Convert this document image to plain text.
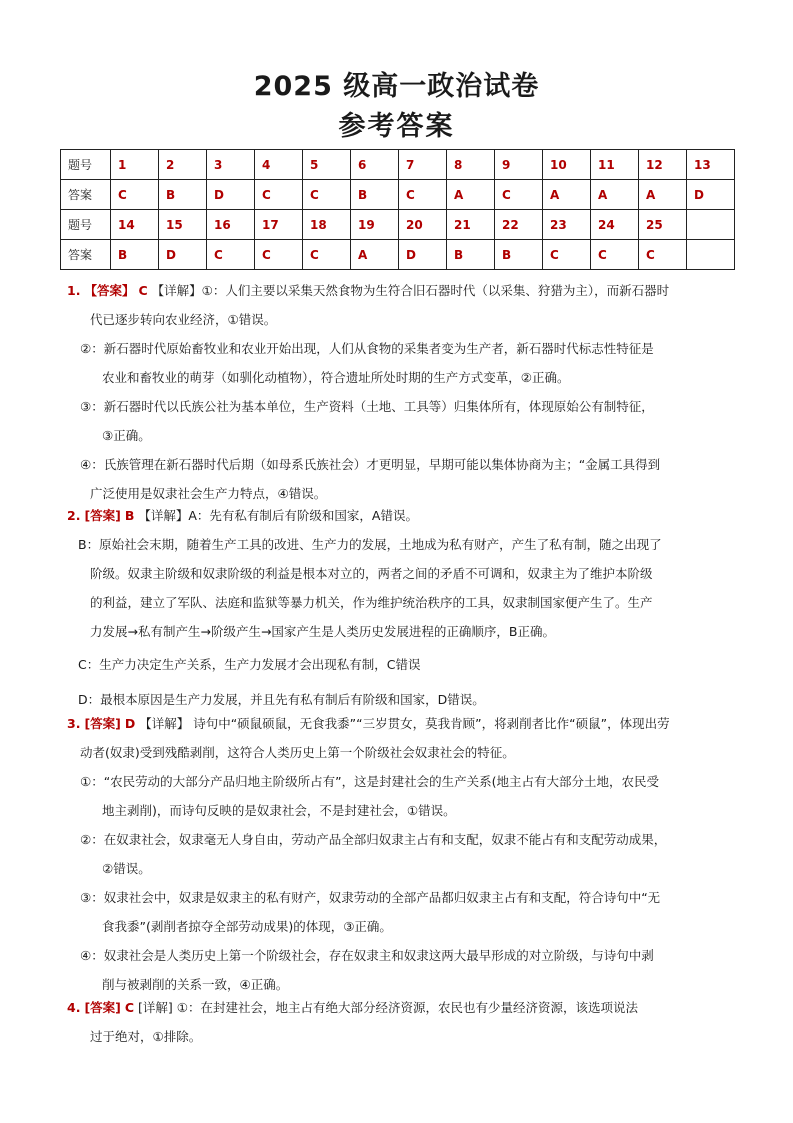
2025 级高一政治试卷
参考答案
题号	1	2	3	4	5	6	7	8	9	10	11	12	13
答案	C	B	D	C	C	B	C	A	C	A	A	A	D
题号	14	15	16	17	18	19	20	21	22	23	24	25	
答案	B	D	C	C	C	A	D	B	B	C	C	C	
1. 【答案】 C 【详解】①：人们主要以采集天然食物为生符合旧石器时代（以采集、狩猎为主），而新石器时
代已逐步转向农业经济，①错误。
②：新石器时代原始畜牧业和农业开始出现，人们从食物的采集者变为生产者，新石器时代标志性特征是
农业和畜牧业的萌芽（如驯化动植物），符合遗址所处时期的生产方式变革，②正确。
③：新石器时代以氏族公社为基本单位，生产资料（土地、工具等）归集体所有，体现原始公有制特征，
③正确。
④：氏族管理在新石器时代后期（如母系氏族社会）才更明显，早期可能以集体协商为主；“金属工具得到
广泛使用是奴隶社会生产力特点，④错误。
2. [答案] B 【详解】A：先有私有制后有阶级和国家，A错误。
B：原始社会末期，随着生产工具的改进、生产力的发展，土地成为私有财产，产生了私有制，随之出现了
阶级。奴隶主阶级和奴隶阶级的利益是根本对立的，两者之间的矛盾不可调和，奴隶主为了维护本阶级
的利益，建立了军队、法庭和监狱等暴力机关，作为维护统治秩序的工具，奴隶制国家便产生了。生产
力发展→私有制产生→阶级产生→国家产生是人类历史发展进程的正确顺序，B正确。
C：生产力决定生产关系，生产力发展才会出现私有制，C错误
D：最根本原因是生产力发展，并且先有私有制后有阶级和国家，D错误。
3. [答案] D 【详解】 诗句中“硕鼠硕鼠，无食我黍”“三岁贯女，莫我肯顾”，将剥削者比作“硕鼠”，体现出劳
动者(奴隶)受到残酷剥削，这符合人类历史上第一个阶级社会奴隶社会的特征。
①：“农民劳动的大部分产品归地主阶级所占有”，这是封建社会的生产关系(地主占有大部分土地，农民受
地主剥削)，而诗句反映的是奴隶社会，不是封建社会，①错误。
②：在奴隶社会，奴隶毫无人身自由，劳动产品全部归奴隶主占有和支配，奴隶不能占有和支配劳动成果，
②错误。
③：奴隶社会中，奴隶是奴隶主的私有财产，奴隶劳动的全部产品都归奴隶主占有和支配，符合诗句中“无
食我黍”(剥削者掠夺全部劳动成果)的体现，③正确。
④：奴隶社会是人类历史上第一个阶级社会，存在奴隶主和奴隶这两大最早形成的对立阶级，与诗句中剥
削与被剥削的关系一致，④正确。
4. [答案] C [详解] ①：在封建社会，地主占有绝大部分经济资源，农民也有少量经济资源，该选项说法
过于绝对，①排除。
